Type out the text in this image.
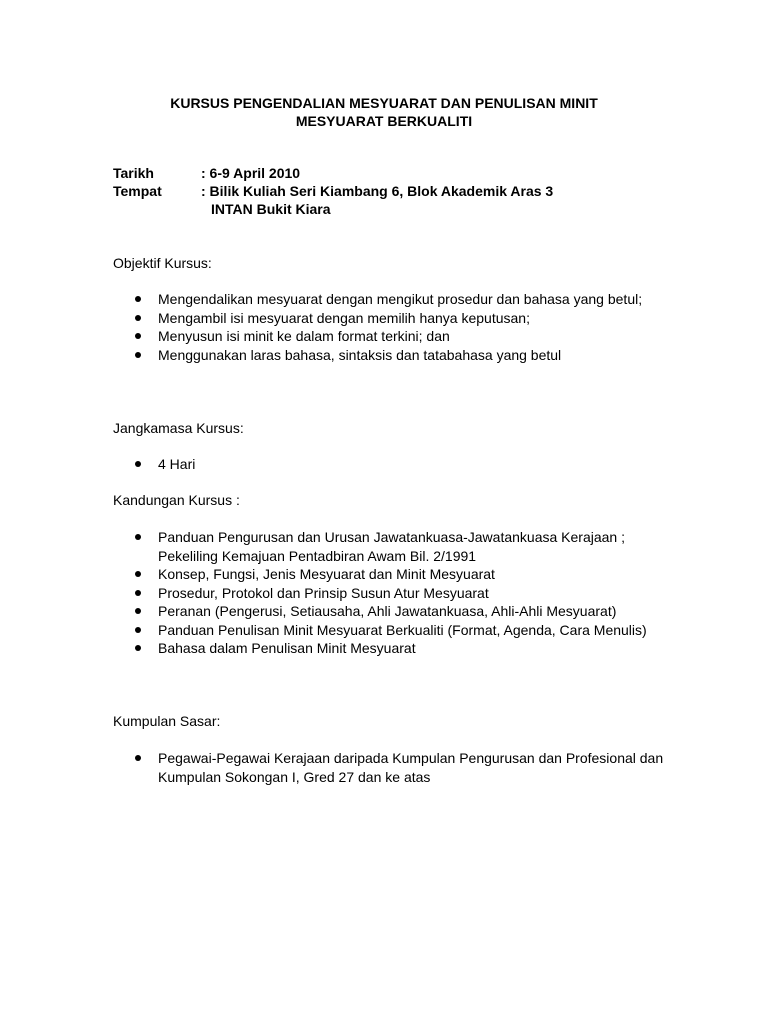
KURSUS PENGENDALIAN MESYUARAT DAN PENULISAN MINIT
MESYUARAT BERKUALITI
Tarikh	: 6-9 April 2010
Tempat	: Bilik Kuliah Seri Kiambang 6, Blok Akademik Aras 3
INTAN Bukit Kiara
Objektif Kursus:
Mengendalikan mesyuarat dengan mengikut prosedur dan bahasa yang betul;
Mengambil isi mesyuarat dengan memilih hanya keputusan;
Menyusun isi minit ke dalam format terkini; dan
Menggunakan laras bahasa, sintaksis dan tatabahasa yang betul
Jangkamasa Kursus:
4 Hari
Kandungan Kursus :
Panduan Pengurusan dan Urusan Jawatankuasa-Jawatankuasa Kerajaan ; Pekeliling Kemajuan Pentadbiran Awam Bil. 2/1991
Konsep, Fungsi, Jenis Mesyuarat dan Minit Mesyuarat
Prosedur, Protokol dan Prinsip Susun Atur Mesyuarat
Peranan (Pengerusi, Setiausaha, Ahli Jawatankuasa, Ahli-Ahli Mesyuarat)
Panduan Penulisan Minit Mesyuarat Berkualiti (Format, Agenda, Cara Menulis)
Bahasa dalam Penulisan Minit Mesyuarat
Kumpulan Sasar:
Pegawai-Pegawai Kerajaan daripada Kumpulan Pengurusan dan Profesional dan Kumpulan Sokongan I, Gred 27 dan ke atas
